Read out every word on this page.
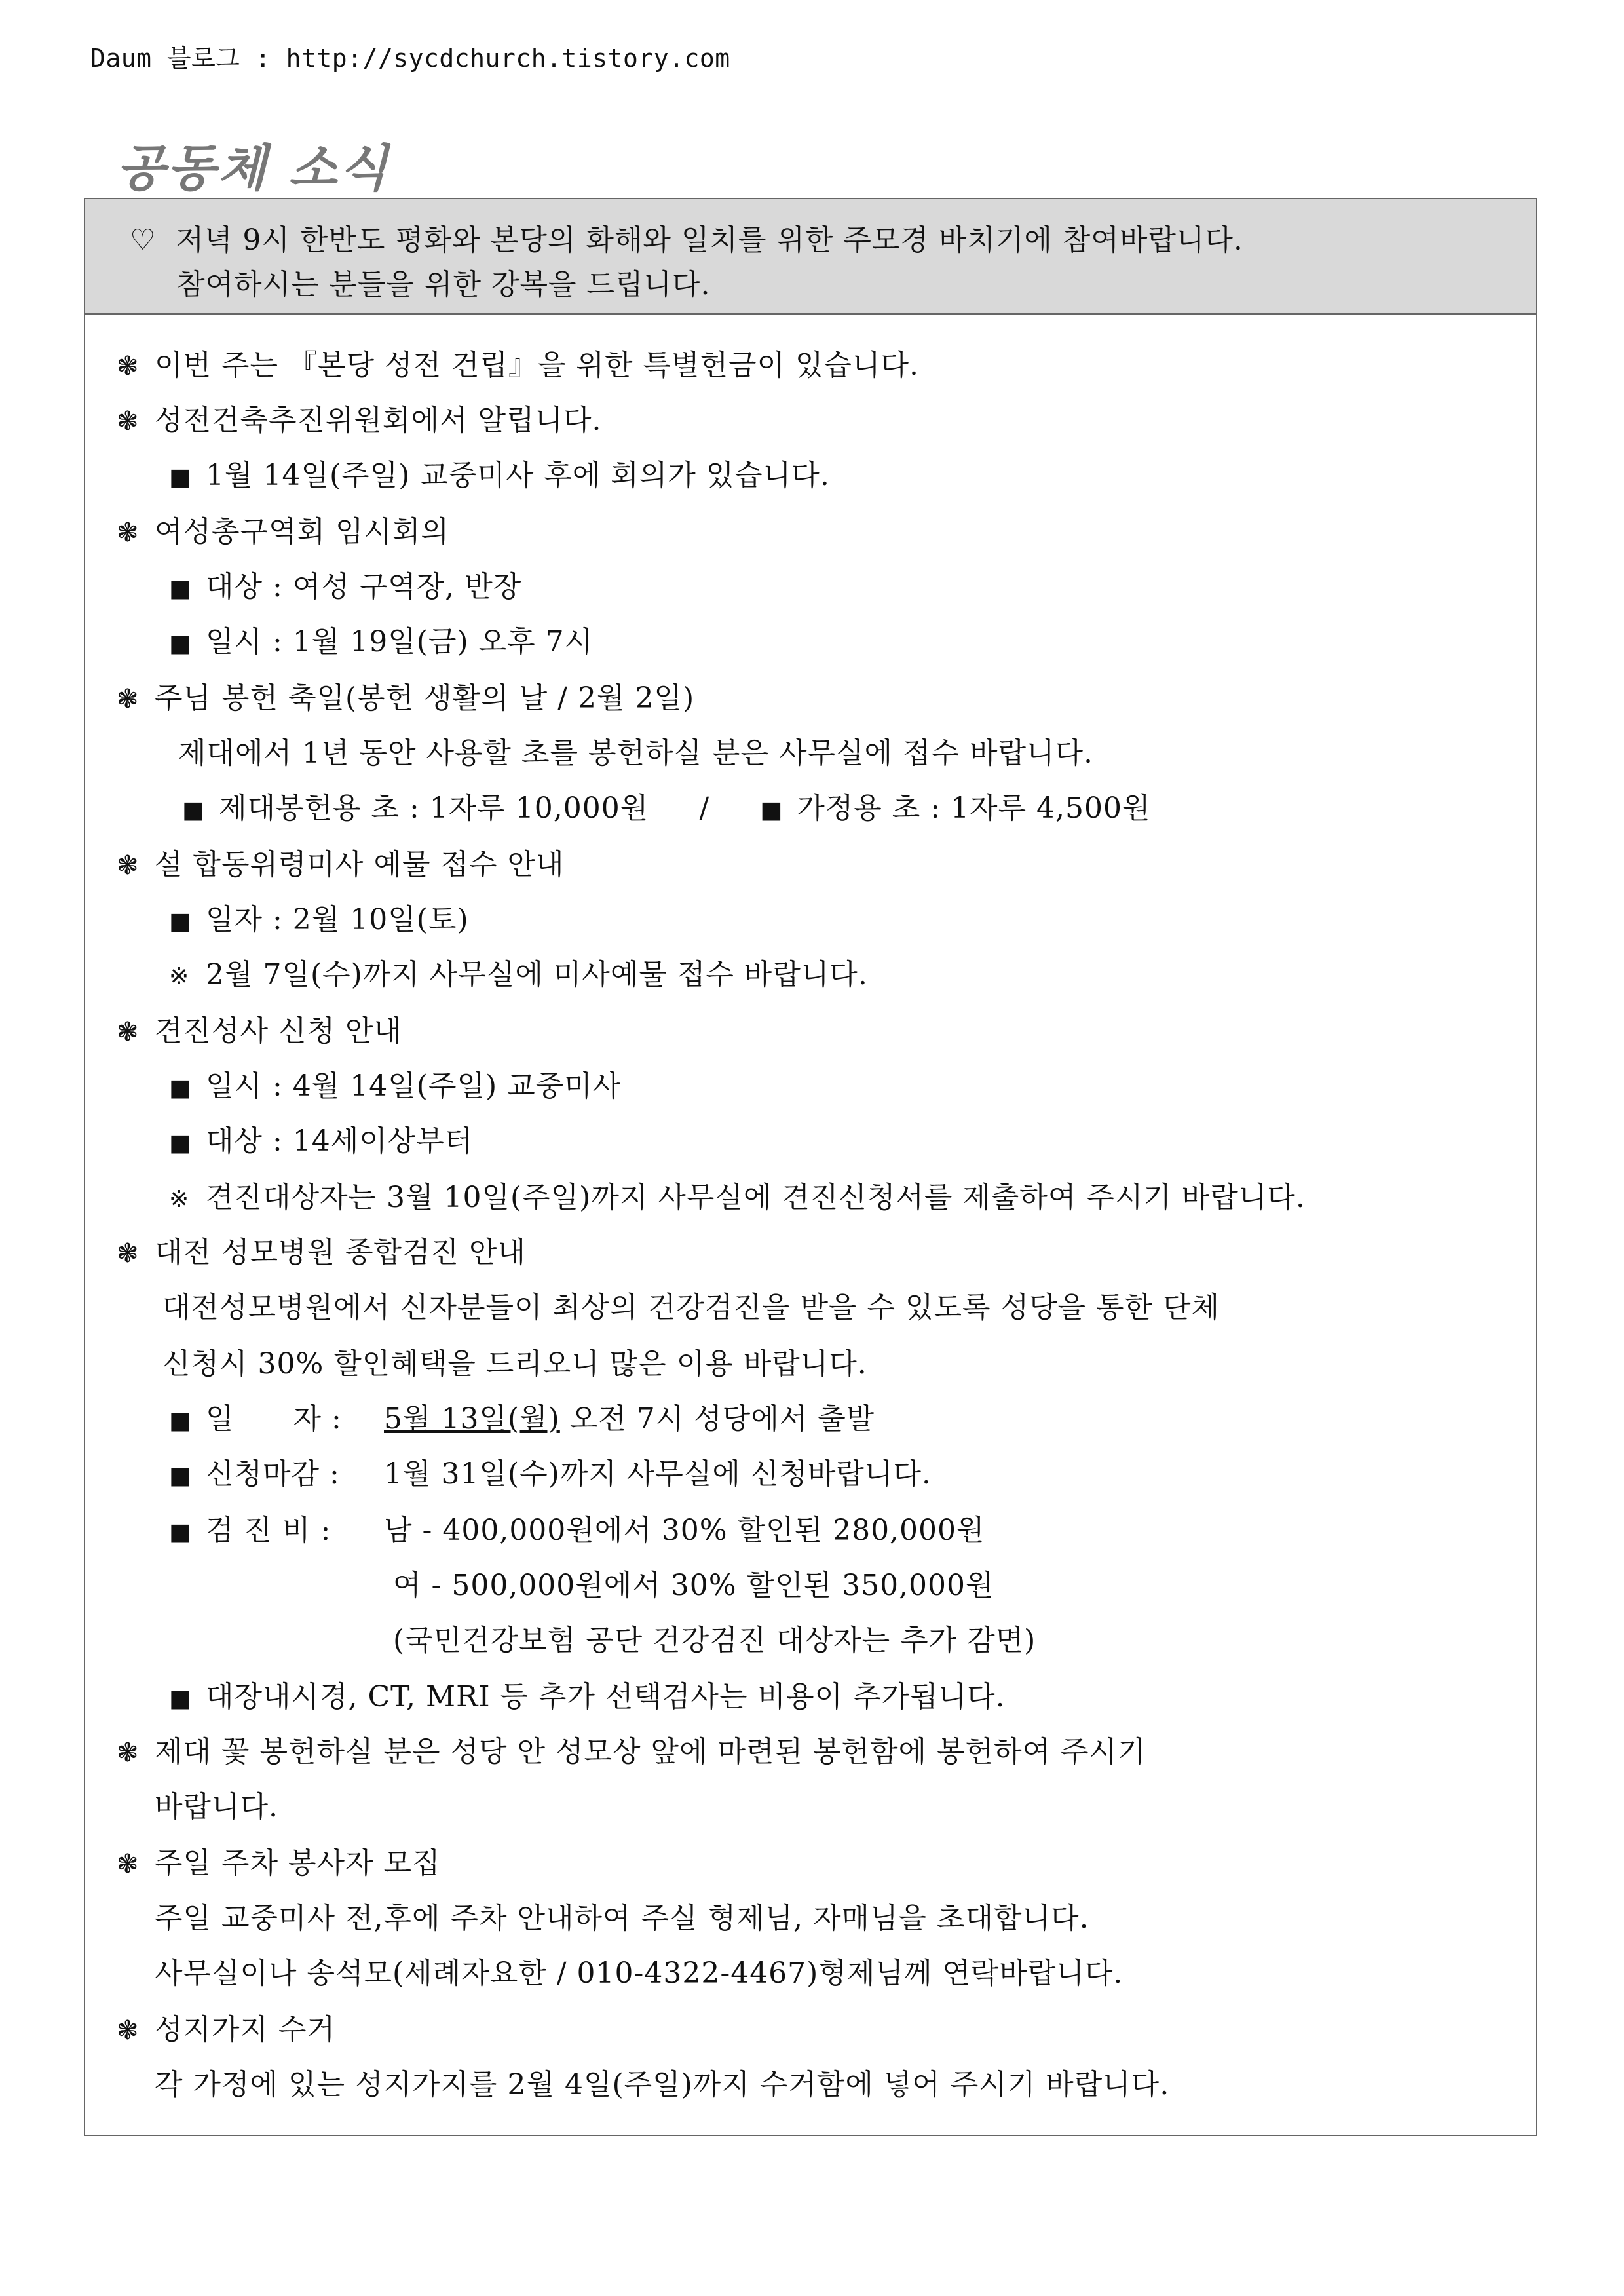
Daum 블로그 : http://sycdchurch.tistory.com
공동체 소식
♡ 저녁 9시 한반도 평화와 본당의 화해와 일치를 위한 주모경 바치기에 참여바랍니다.
참여하시는 분들을 위한 강복을 드립니다.
❃ 이번 주는 『본당 성전 건립』을 위한 특별헌금이 있습니다.
❃ 성전건축추진위원회에서 알립니다.
■ 1월 14일(주일) 교중미사 후에 회의가 있습니다.
❃ 여성총구역회 임시회의
■ 대상 : 여성 구역장, 반장
■ 일시 : 1월 19일(금) 오후 7시
❃ 주님 봉헌 축일(봉헌 생활의 날 / 2월 2일)
제대에서 1년 동안 사용할 초를 봉헌하실 분은 사무실에 접수 바랍니다.
■ 제대봉헌용 초 : 1자루 10,000원 / ■ 가정용 초 : 1자루 4,500원
❃ 설 합동위령미사 예물 접수 안내
■ 일자 : 2월 10일(토)
※ 2월 7일(수)까지 사무실에 미사예물 접수 바랍니다.
❃ 견진성사 신청 안내
■ 일시 : 4월 14일(주일) 교중미사
■ 대상 : 14세이상부터
※ 견진대상자는 3월 10일(주일)까지 사무실에 견진신청서를 제출하여 주시기 바랍니다.
❃ 대전 성모병원 종합검진 안내
대전성모병원에서 신자분들이 최상의 건강검진을 받을 수 있도록 성당을 통한 단체
신청시 30% 할인혜택을 드리오니 많은 이용 바랍니다.
■ 일　　자 : 5월 13일(월) 오전 7시 성당에서 출발
■ 신청마감 : 1월 31일(수)까지 사무실에 신청바랍니다.
■ 검 진 비 : 남 - 400,000원에서 30% 할인된 280,000원
여 - 500,000원에서 30% 할인된 350,000원
(국민건강보험 공단 건강검진 대상자는 추가 감면)
■ 대장내시경, CT, MRI 등 추가 선택검사는 비용이 추가됩니다.
❃ 제대 꽃 봉헌하실 분은 성당 안 성모상 앞에 마련된 봉헌함에 봉헌하여 주시기
바랍니다.
❃ 주일 주차 봉사자 모집
주일 교중미사 전,후에 주차 안내하여 주실 형제님, 자매님을 초대합니다.
사무실이나 송석모(세례자요한 / 010-4322-4467)형제님께 연락바랍니다.
❃ 성지가지 수거
각 가정에 있는 성지가지를 2월 4일(주일)까지 수거함에 넣어 주시기 바랍니다.
